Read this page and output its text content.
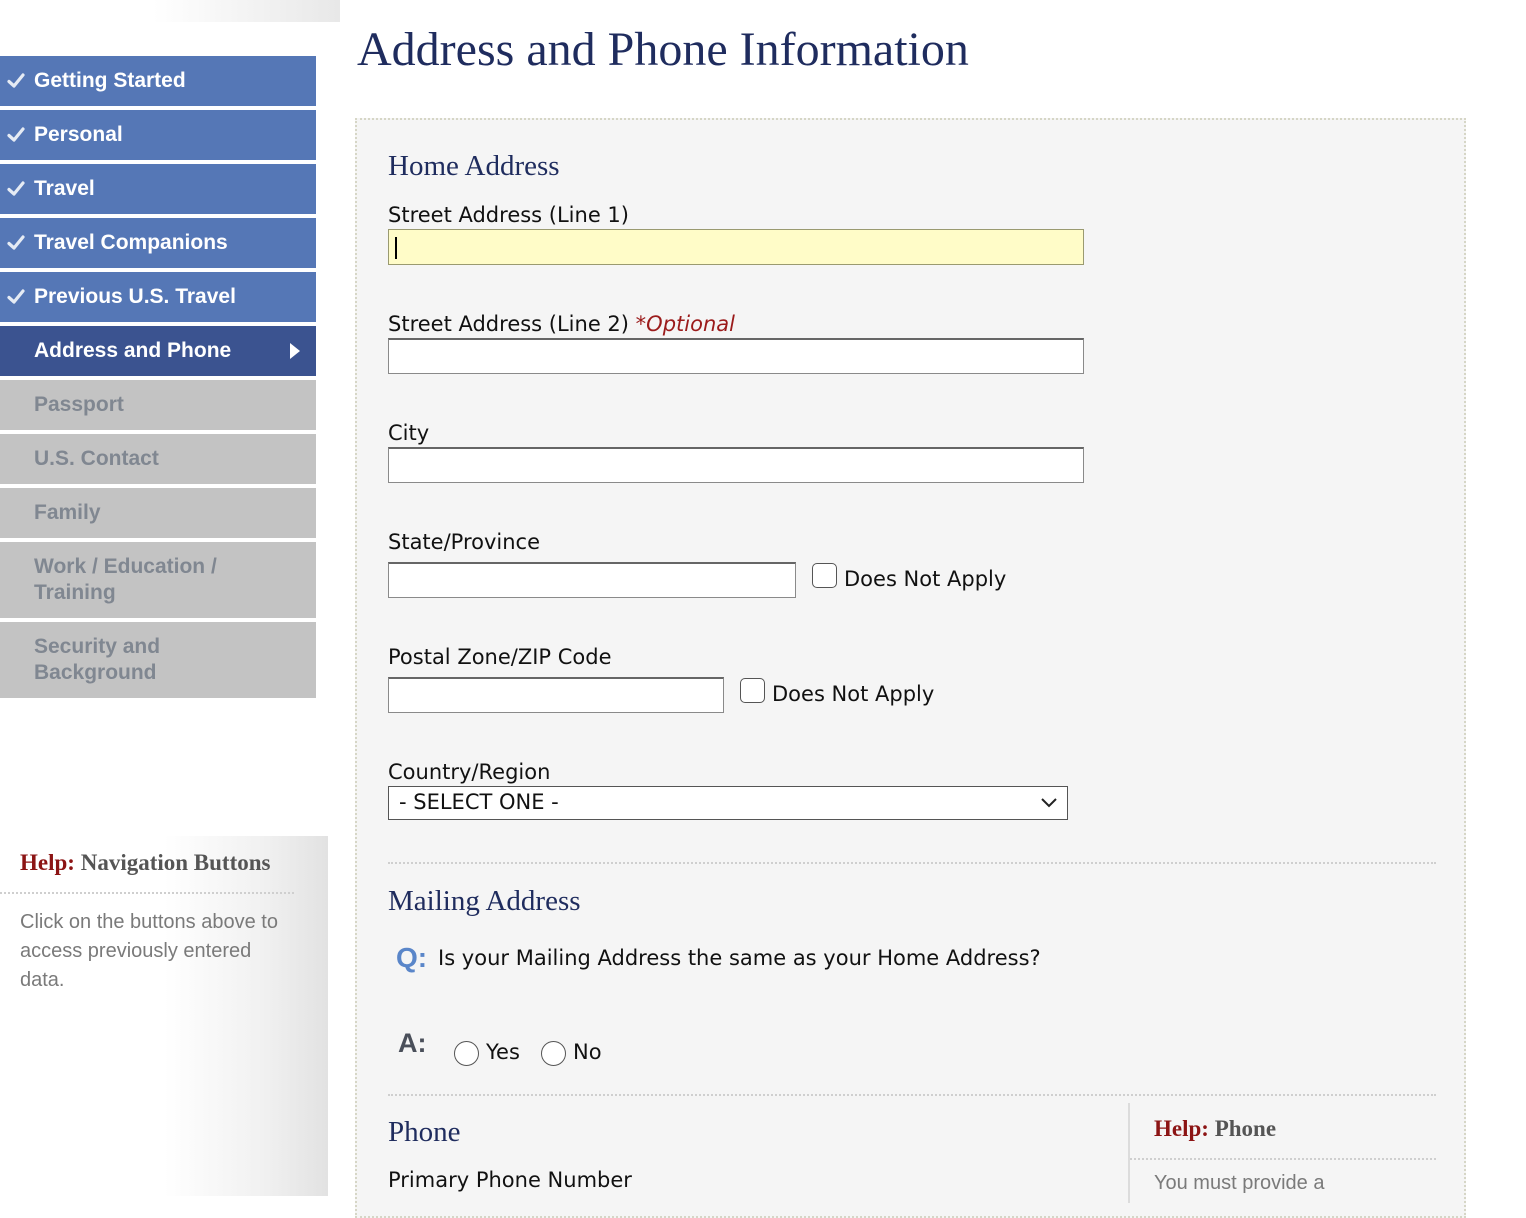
Getting Started
Personal
Travel
Travel Companions
Previous U.S. Travel
Address and Phone
Passport
U.S. Contact
Family
Work / Education / Training
Security and Background
Help: Navigation Buttons
Click on the buttons above to access previously entered data.
Address and Phone Information
Home Address
Street Address (Line 1)
Street Address (Line 2) *Optional
City
State/Province
Does Not Apply
Postal Zone/ZIP Code
Does Not Apply
Country/Region
- SELECT ONE -
Mailing Address
Q: Is your Mailing Address the same as your Home Address?
A:	Yes	No
Phone
Primary Phone Number
Help: Phone
You must provide a
